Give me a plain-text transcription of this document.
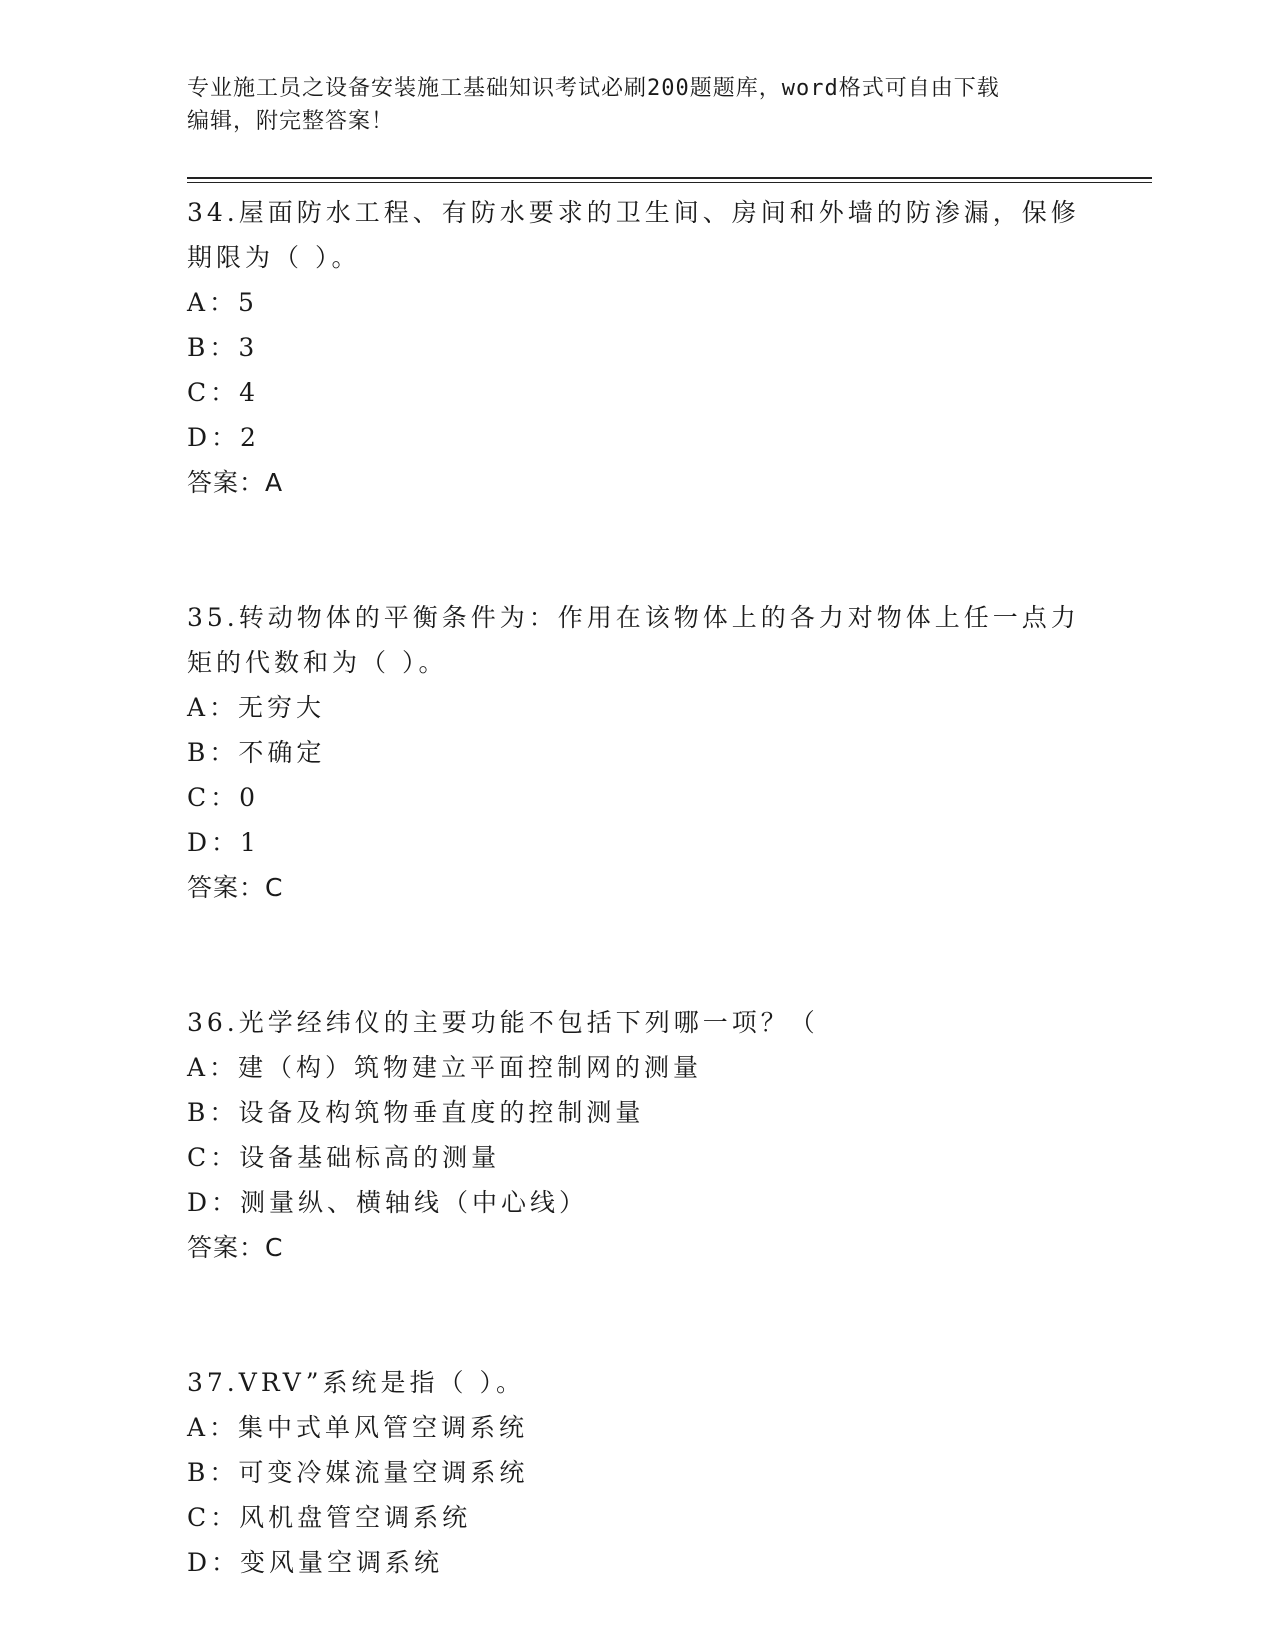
专业施工员之设备安装施工基础知识考试必刷200题题库，word格式可自由下载
编辑，附完整答案！
34.屋面防水工程、有防水要求的卫生间、房间和外墙的防渗漏，保修
期限为（ ）。
A：5
B：3
C：4
D：2
答案：A
35.转动物体的平衡条件为：作用在该物体上的各力对物体上任一点力
矩的代数和为（ ）。
A：无穷大
B：不确定
C：0
D：1
答案：C
36.光学经纬仪的主要功能不包括下列哪一项？（
A：建（构）筑物建立平面控制网的测量
B：设备及构筑物垂直度的控制测量
C：设备基础标高的测量
D：测量纵、横轴线（中心线）
答案：C
37.VRV”系统是指（ ）。
A：集中式单风管空调系统
B：可变冷媒流量空调系统
C：风机盘管空调系统
D：变风量空调系统
